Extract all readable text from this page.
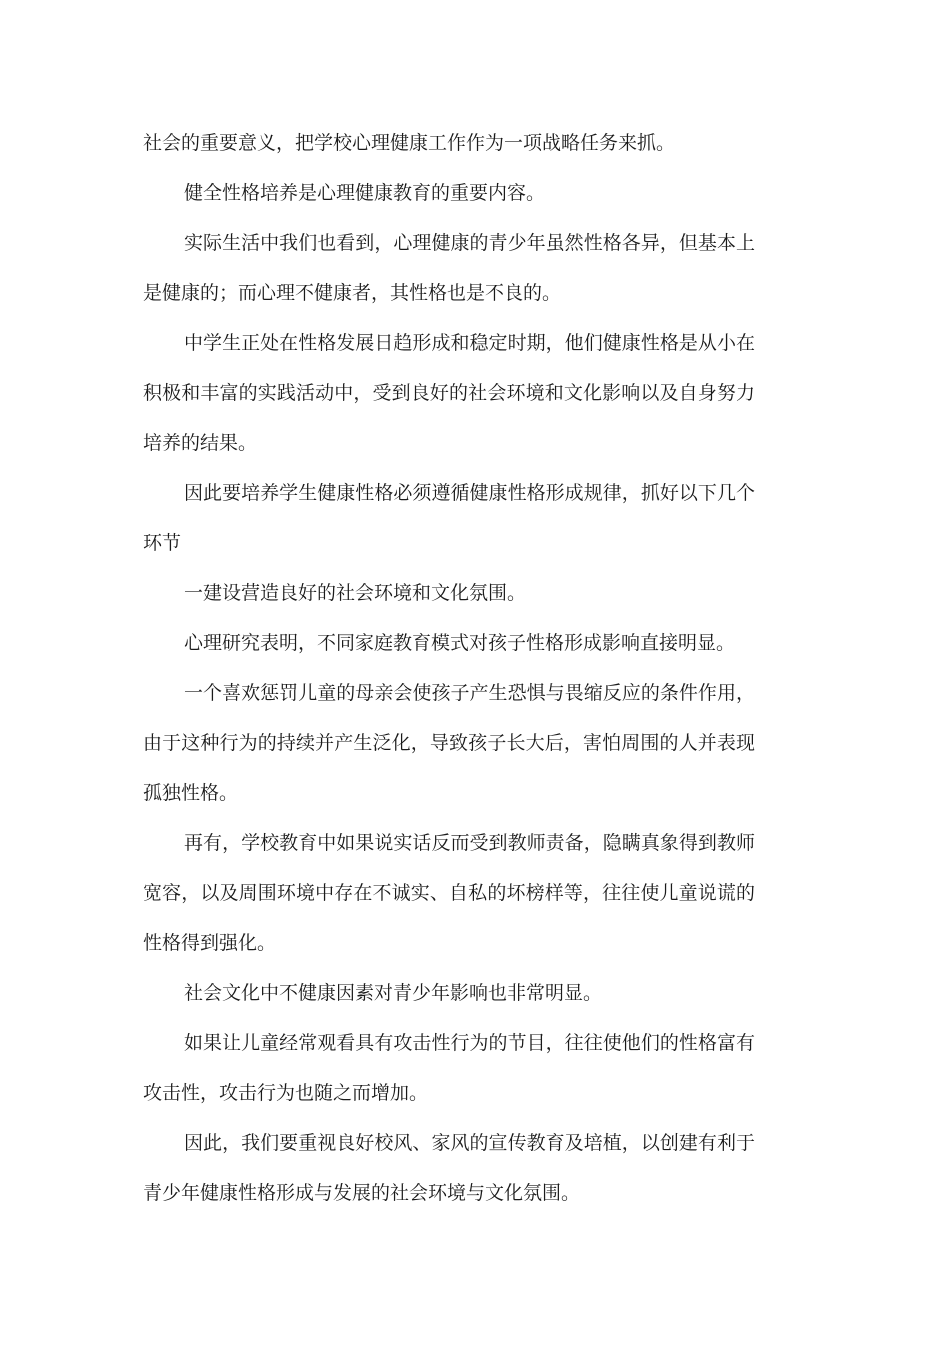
社会的重要意义，把学校心理健康工作作为一项战略任务来抓。

健全性格培养是心理健康教育的重要内容。

实际生活中我们也看到，心理健康的青少年虽然性格各异，但基本上是健康的；而心理不健康者，其性格也是不良的。

中学生正处在性格发展日趋形成和稳定时期，他们健康性格是从小在积极和丰富的实践活动中，受到良好的社会环境和文化影响以及自身努力培养的结果。

因此要培养学生健康性格必须遵循健康性格形成规律，抓好以下几个环节

一建设营造良好的社会环境和文化氛围。

心理研究表明，不同家庭教育模式对孩子性格形成影响直接明显。

一个喜欢惩罚儿童的母亲会使孩子产生恐惧与畏缩反应的条件作用，由于这种行为的持续并产生泛化，导致孩子长大后，害怕周围的人并表现孤独性格。

再有，学校教育中如果说实话反而受到教师责备，隐瞒真象得到教师宽容，以及周围环境中存在不诚实、自私的坏榜样等，往往使儿童说谎的性格得到强化。

社会文化中不健康因素对青少年影响也非常明显。

如果让儿童经常观看具有攻击性行为的节目，往往使他们的性格富有攻击性，攻击行为也随之而增加。

因此，我们要重视良好校风、家风的宣传教育及培植，以创建有利于青少年健康性格形成与发展的社会环境与文化氛围。
